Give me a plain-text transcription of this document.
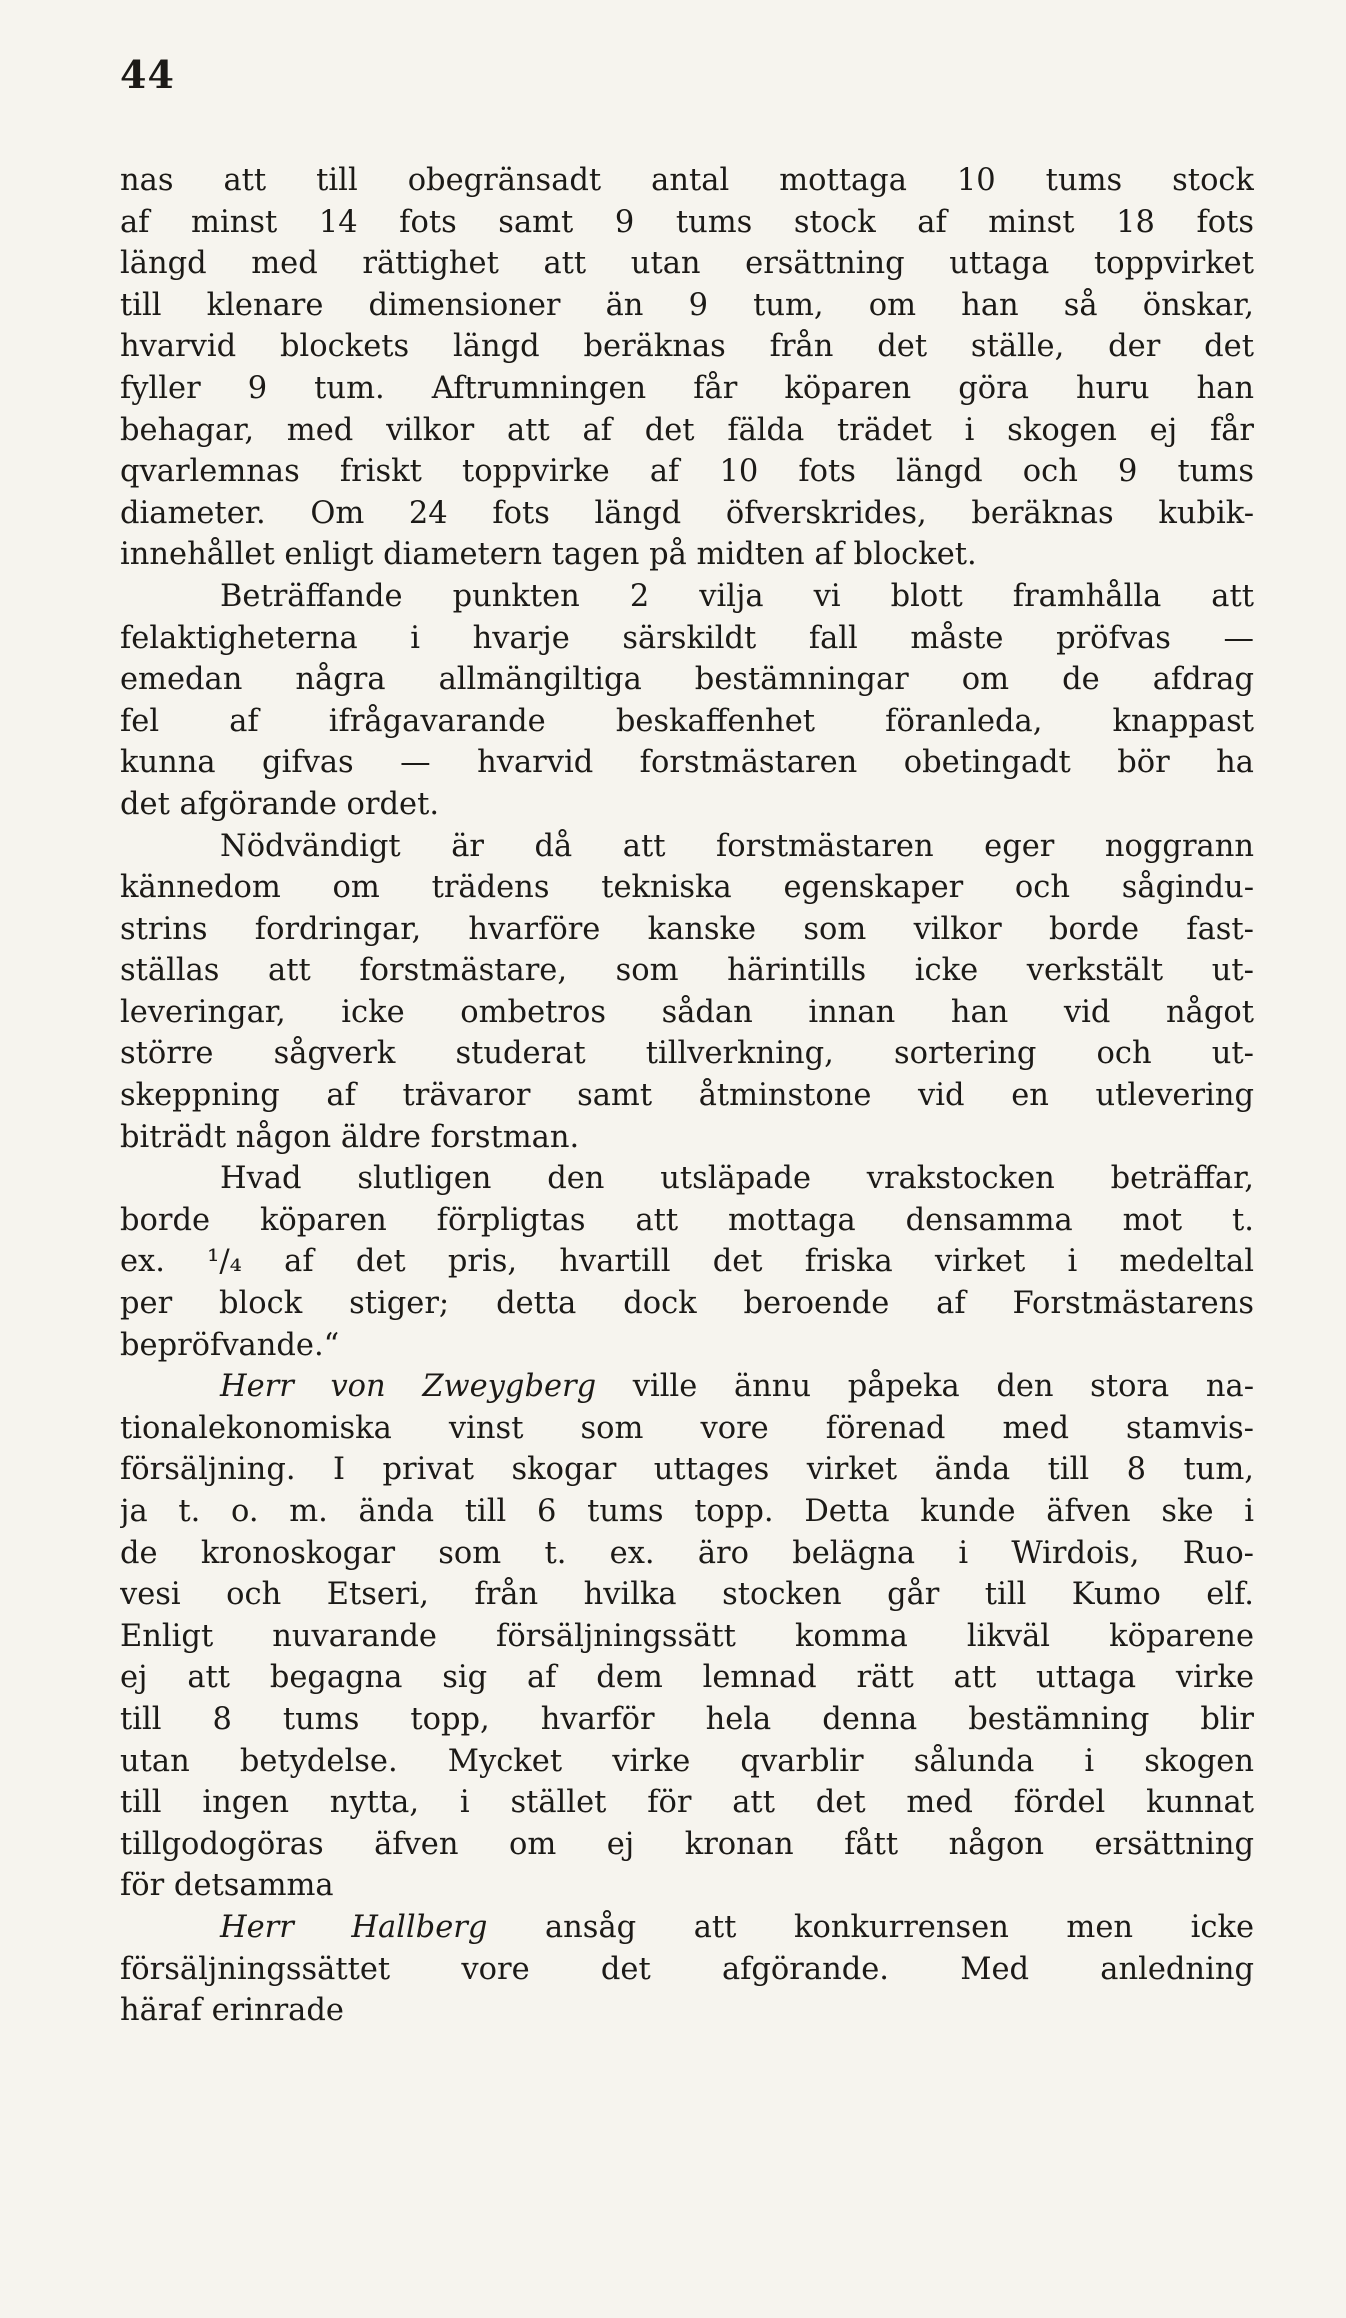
44
nas att till obegränsadt antal mottaga 10 tums stock
af minst 14 fots samt 9 tums stock af minst 18 fots
längd med rättighet att utan ersättning uttaga toppvirket
till klenare dimensioner än 9 tum, om han så önskar,
hvarvid blockets längd beräknas från det ställe, der det
fyller 9 tum. Aftrumningen får köparen göra huru han
behagar, med vilkor att af det fälda trädet i skogen ej får
qvarlemnas friskt toppvirke af 10 fots längd och 9 tums
diameter. Om 24 fots längd öfverskrides, beräknas kubik-
innehållet enligt diametern tagen på midten af blocket.
Beträffande punkten 2 vilja vi blott framhålla att
felaktigheterna i hvarje särskildt fall måste pröfvas —
emedan några allmängiltiga bestämningar om de afdrag
fel af ifrågavarande beskaffenhet föranleda, knappast
kunna gifvas — hvarvid forstmästaren obetingadt bör ha
det afgörande ordet.
Nödvändigt är då att forstmästaren eger noggrann
kännedom om trädens tekniska egenskaper och sågindu-
strins fordringar, hvarföre kanske som vilkor borde fast-
ställas att forstmästare, som härintills icke verkstält ut-
leveringar, icke ombetros sådan innan han vid något
större sågverk studerat tillverkning, sortering och ut-
skeppning af trävaror samt åtminstone vid en utlevering
biträdt någon äldre forstman.
Hvad slutligen den utsläpade vrakstocken beträffar,
borde köparen förpligtas att mottaga densamma mot t.
ex. ¹/₄ af det pris, hvartill det friska virket i medeltal
per block stiger; detta dock beroende af Forstmästarens
bepröfvande.“
Herr von Zweygberg ville ännu påpeka den stora na-
tionalekonomiska vinst som vore förenad med stamvis-
försäljning. I privat skogar uttages virket ända till 8 tum,
ja t. o. m. ända till 6 tums topp. Detta kunde äfven ske i
de kronoskogar som t. ex. äro belägna i Wirdois, Ruo-
vesi och Etseri, från hvilka stocken går till Kumo elf.
Enligt nuvarande försäljningssätt komma likväl köparene
ej att begagna sig af dem lemnad rätt att uttaga virke
till 8 tums topp, hvarför hela denna bestämning blir
utan betydelse. Mycket virke qvarblir sålunda i skogen
till ingen nytta, i stället för att det med fördel kunnat
tillgodogöras äfven om ej kronan fått någon ersättning
för detsamma
Herr Hallberg ansåg att konkurrensen men icke
försäljningssättet vore det afgörande. Med anledning
häraf erinrade
